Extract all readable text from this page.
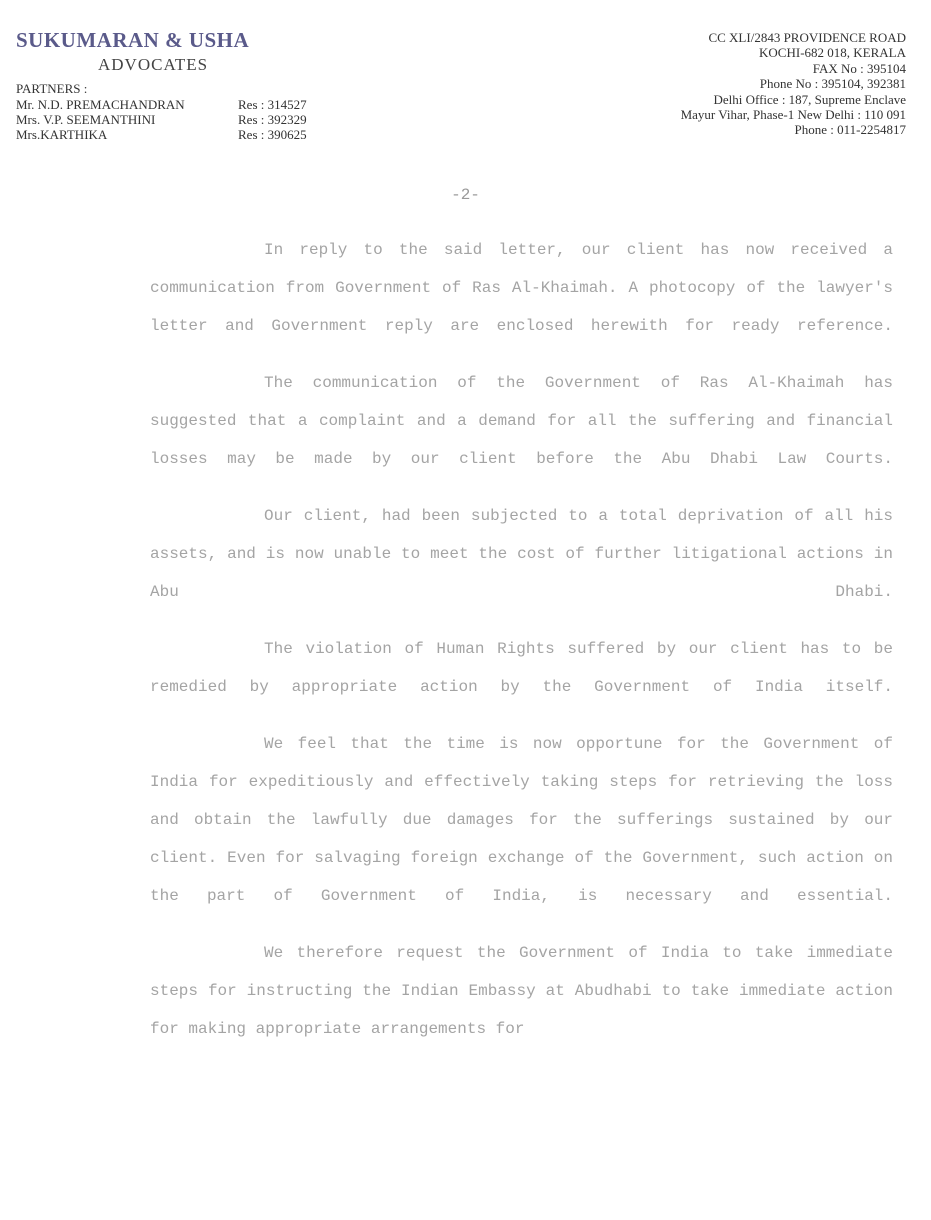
SUKUMARAN & USHA
ADVOCATES
PARTNERS :
Mr. N.D. PREMACHANDRAN	Res : 314527
Mrs. V.P. SEEMANTHINI	Res : 392329
Mrs.KARTHIKA	Res : 390625
CC XLI/2843 PROVIDENCE ROAD
KOCHI-682 018, KERALA
FAX No : 395104
Phone No : 395104, 392381
Delhi Office : 187, Supreme Enclave
Mayur Vihar, Phase-1 New Delhi : 110 091
Phone : 011-2254817
-2-

In reply to the said letter, our client has now received a communication from Government of Ras Al-Khaimah. A photocopy of the lawyer's letter and Government reply are enclosed herewith for ready reference.

The communication of the Government of Ras Al-Khaimah has suggested that a complaint and a demand for all the suffering and financial losses may be made by our client before the Abu Dhabi Law Courts.

Our client, had been subjected to a total deprivation of all his assets, and is now unable to meet the cost of further litigational actions in Abu Dhabi.

The violation of Human Rights suffered by our client has to be remedied by appropriate action by the Government of India itself.

We feel that the time is now opportune for the Government of India for expeditiously and effectively taking steps for retrieving the loss and obtain the lawfully due damages for the sufferings sustained by our client. Even for salvaging foreign exchange of the Government, such action on the part of Government of India, is necessary and essential.

We therefore request the Government of India to take immediate steps for instructing the Indian Embassy at Abudhabi to take immediate action for making appropriate arrangements for
